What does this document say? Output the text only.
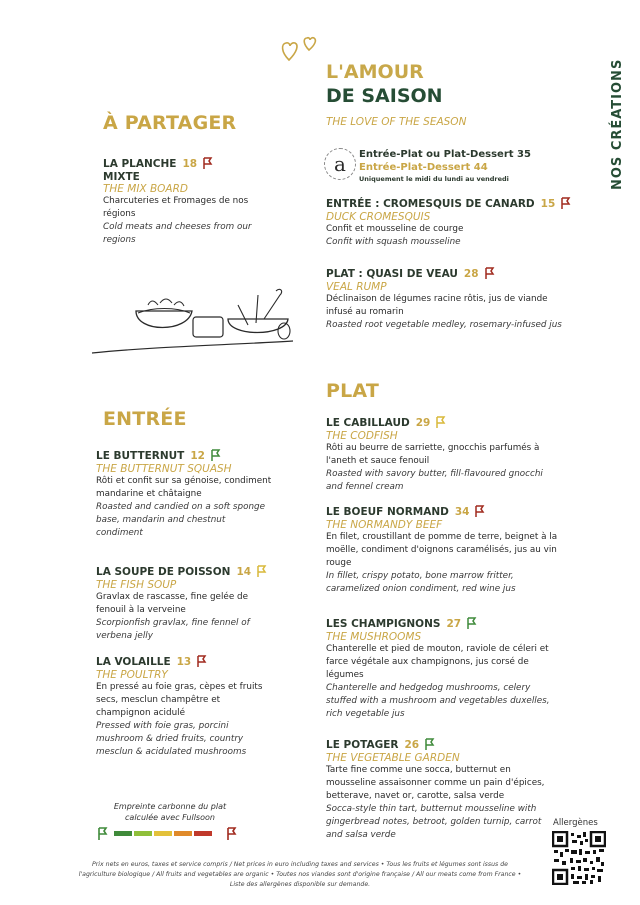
L'AMOUR
DE SAISON
THE LOVE OF THE SEASON	NOS CRÉATIONS
a Entrée-Plat ou Plat-Dessert 35
Entrée-Plat-Dessert 44
Uniquement le midi du lundi au vendredi
ENTRÉE : CROMESQUIS DE CANARD 15
DUCK CROMESQUIS
Confit et mousseline de courge
Confit with squash mousseline
PLAT : QUASI DE VEAU 28
VEAL RUMP
Déclinaison de légumes racine rôtis, jus de viande infusé au romarin
Roasted root vegetable medley, rosemary-infused jus
À PARTAGER
LA PLANCHE 18
MIXTE
THE MIX BOARD
Charcuteries et Fromages de nos régions
Cold meats and cheeses from our regions
ENTRÉE
LE BUTTERNUT 12
THE BUTTERNUT SQUASH
Rôti et confit sur sa génoise, condiment mandarine et châtaigne
Roasted and candied on a soft sponge base, mandarin and chestnut condiment
LA SOUPE DE POISSON 14
THE FISH SOUP
Gravlax de rascasse, fine gelée de fenouil à la verveine
Scorpionfish gravlax, fine fennel of verbena jelly
LA VOLAILLE 13
THE POULTRY
En pressé au foie gras, cèpes et fruits secs, mesclun champêtre et champignon acidulé
Pressed with foie gras, porcini mushroom & dried fruits, country mesclun & acidulated mushrooms
PLAT
LE CABILLAUD 29
THE CODFISH
Rôti au beurre de sarriette, gnocchis parfumés à l'aneth et sauce fenouil
Roasted with savory butter, fill-flavoured gnocchi and fennel cream
LE BOEUF NORMAND 34
THE NORMANDY BEEF
En filet, croustillant de pomme de terre, beignet à la moëlle, condiment d'oignons caramélisés, jus au vin rouge
In fillet, crispy potato, bone marrow fritter, caramelized onion condiment, red wine jus
LES CHAMPIGNONS 27
THE MUSHROOMS
Chanterelle et pied de mouton, raviole de céleri et farce végétale aux champignons, jus corsé de légumes
Chanterelle and hedgedog mushrooms, celery stuffed with a mushroom and vegetables duxelles, rich vegetable jus
LE POTAGER 26
THE VEGETABLE GARDEN
Tarte fine comme une socca, butternut en mousseline assaisonner comme un pain d'épices, betterave, navet or, carotte, salsa verde
Socca-style thin tart, butternut mousseline with gingerbread notes, betroot, golden turnip, carrot and salsa verde
Empreinte carbonne du plat
calculée avec Fullsoon
Allergènes
Prix nets en euros, taxes et service compris / Net prices in euro including taxes and services • Tous les fruits et légumes sont issus de
l'agriculture biologique / All fruits and vegetables are organic • Toutes nos viandes sont d'origine française / All our meats come from France •
Liste des allergènes disponible sur demande.
